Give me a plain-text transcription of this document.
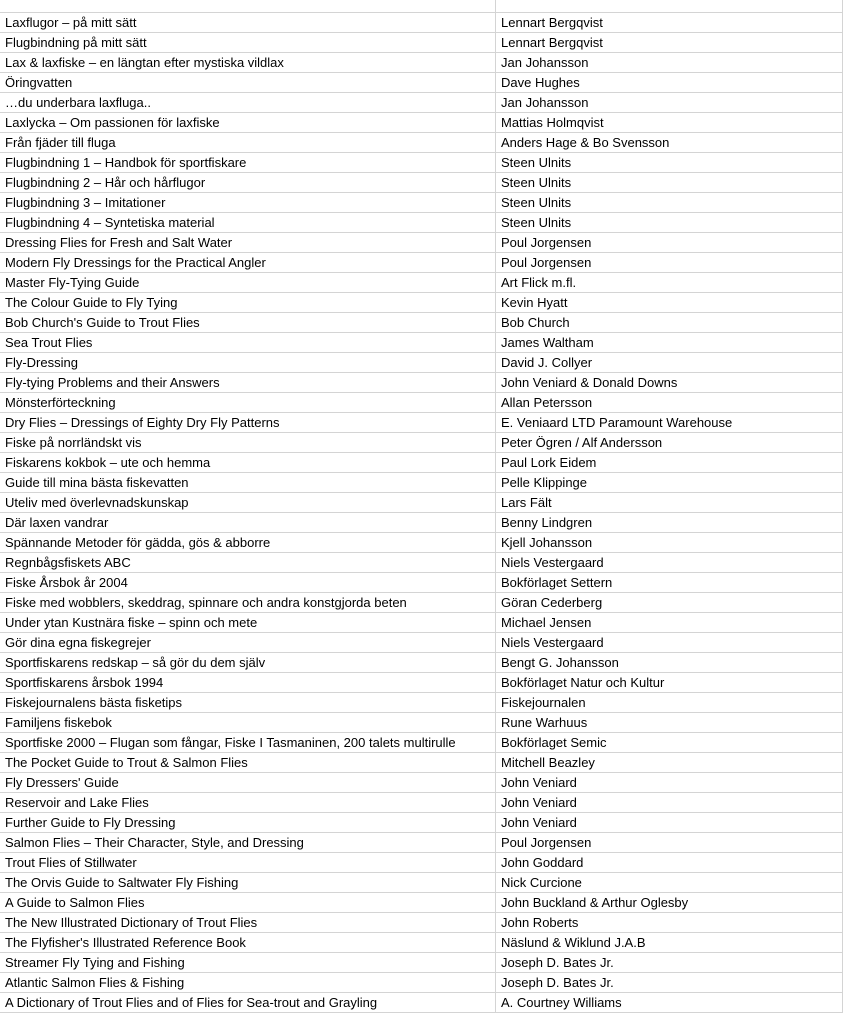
Laxflugor – på mitt sätt	Lennart Bergqvist
Flugbindning på mitt sätt	Lennart Bergqvist
Lax & laxfiske – en längtan efter mystiska vildlax	Jan Johansson
Öringvatten	Dave Hughes
…du underbara laxfluga..	Jan Johansson
Laxlycka – Om passionen för laxfiske	Mattias Holmqvist
Från fjäder till fluga	Anders Hage & Bo Svensson
Flugbindning 1 – Handbok för sportfiskare	Steen Ulnits
Flugbindning 2 – Hår och hårflugor	Steen Ulnits
Flugbindning 3 – Imitationer	Steen Ulnits
Flugbindning 4 – Syntetiska material	Steen Ulnits
Dressing Flies for Fresh and Salt Water	Poul Jorgensen
Modern Fly Dressings for the Practical Angler	Poul Jorgensen
Master Fly-Tying Guide	Art Flick m.fl.
The Colour Guide to Fly Tying	Kevin Hyatt
Bob Church's Guide to Trout Flies	Bob Church
Sea Trout Flies	James Waltham
Fly-Dressing	David J. Collyer
Fly-tying Problems and their Answers	John Veniard & Donald Downs
Mönsterförteckning	Allan Petersson
Dry Flies – Dressings of Eighty Dry Fly Patterns	E. Veniaard LTD Paramount Warehouse
Fiske på norrländskt vis	Peter Ögren / Alf Andersson
Fiskarens kokbok – ute och hemma	Paul Lork Eidem
Guide till mina bästa fiskevatten	Pelle Klippinge
Uteliv med överlevnadskunskap	Lars Fält
Där laxen vandrar	Benny Lindgren
Spännande Metoder för gädda, gös & abborre	Kjell Johansson
Regnbågsfiskets ABC	Niels Vestergaard
Fiske Årsbok år 2004	Bokförlaget Settern
Fiske med wobblers, skeddrag, spinnare och andra konstgjorda beten	Göran Cederberg
Under ytan Kustnära fiske – spinn och mete	Michael Jensen
Gör dina egna fiskegrejer	Niels Vestergaard
Sportfiskarens redskap – så gör du dem själv	Bengt G. Johansson
Sportfiskarens årsbok 1994	Bokförlaget Natur och Kultur
Fiskejournalens bästa fisketips	Fiskejournalen
Familjens fiskebok	Rune Warhuus
Sportfiske 2000 – Flugan som fångar, Fiske I Tasmaninen, 200 talets multirulle	Bokförlaget Semic
The Pocket Guide to Trout & Salmon Flies	Mitchell Beazley
Fly Dressers' Guide	John Veniard
Reservoir and Lake Flies	John Veniard
Further Guide to Fly Dressing	John Veniard
Salmon Flies – Their Character, Style, and Dressing	Poul Jorgensen
Trout Flies of Stillwater	John Goddard
The Orvis Guide to Saltwater Fly Fishing	Nick Curcione
A Guide to Salmon Flies	John Buckland & Arthur Oglesby
The New Illustrated Dictionary of Trout Flies	John Roberts
The Flyfisher's Illustrated Reference Book	Näslund & Wiklund J.A.B
Streamer Fly Tying and Fishing	Joseph D. Bates Jr.
Atlantic Salmon Flies & Fishing	Joseph D. Bates Jr.
A Dictionary of Trout Flies and of Flies for Sea-trout and Grayling	A. Courtney Williams
